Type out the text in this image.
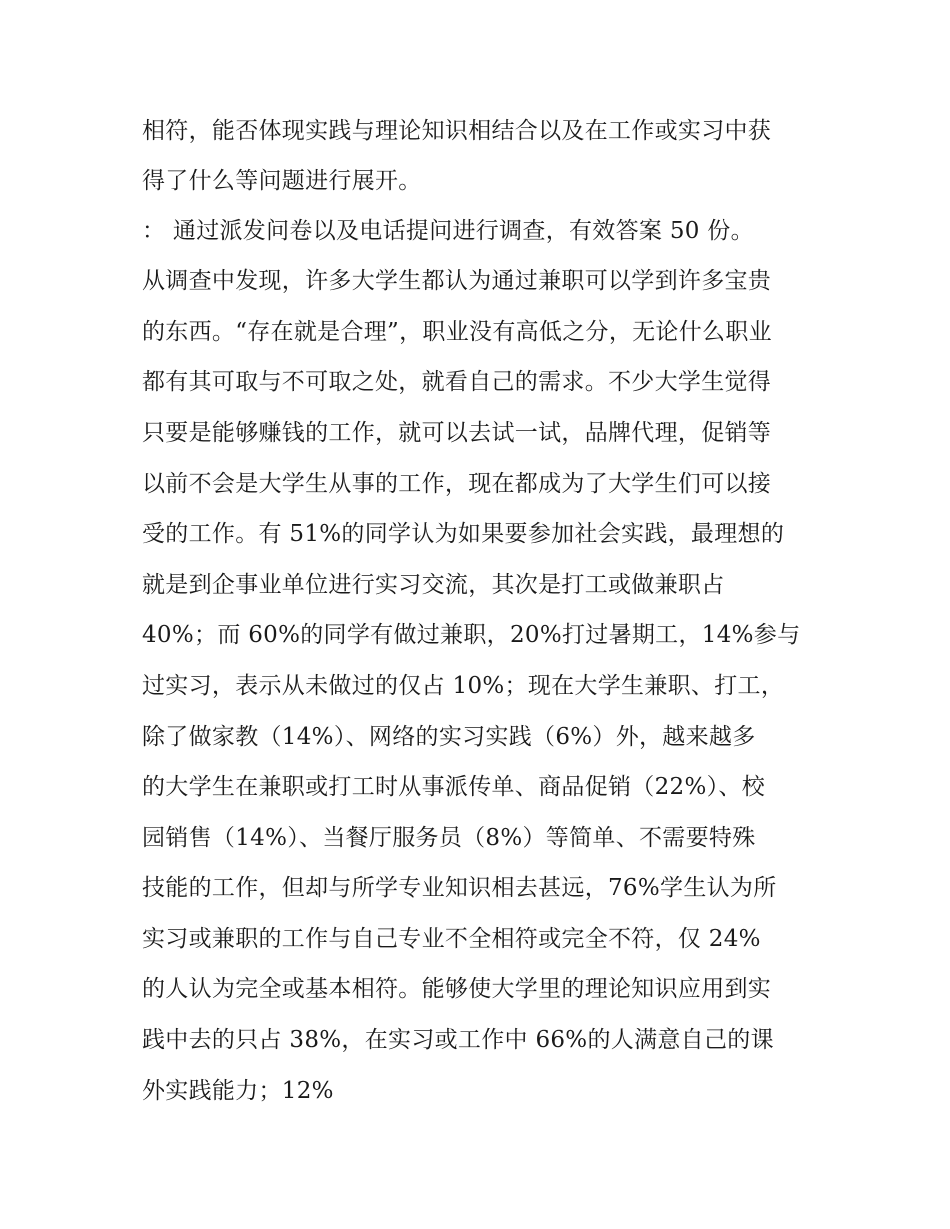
相符，能否体现实践与理论知识相结合以及在工作或实习中获

得了什么等问题进行展开。

： 通过派发问卷以及电话提问进行调查，有效答案 50 份。

从调查中发现，许多大学生都认为通过兼职可以学到许多宝贵

的东西。“存在就是合理”，职业没有高低之分，无论什么职业

都有其可取与不可取之处，就看自己的需求。不少大学生觉得

只要是能够赚钱的工作，就可以去试一试，品牌代理，促销等

以前不会是大学生从事的工作，现在都成为了大学生们可以接

受的工作。有 51%的同学认为如果要参加社会实践，最理想的

就是到企事业单位进行实习交流，其次是打工或做兼职占

40%；而 60%的同学有做过兼职，20%打过暑期工，14%参与

过实习，表示从未做过的仅占 10%；现在大学生兼职、打工，

除了做家教（14%）、网络的实习实践（6%）外，越来越多

的大学生在兼职或打工时从事派传单、商品促销（22%）、校

园销售（14%）、当餐厅服务员（8%）等简单、不需要特殊

技能的工作，但却与所学专业知识相去甚远，76%学生认为所

实习或兼职的工作与自己专业不全相符或完全不符，仅 24%

的人认为完全或基本相符。能够使大学里的理论知识应用到实

践中去的只占 38%，在实习或工作中 66%的人满意自己的课

外实践能力；12%
